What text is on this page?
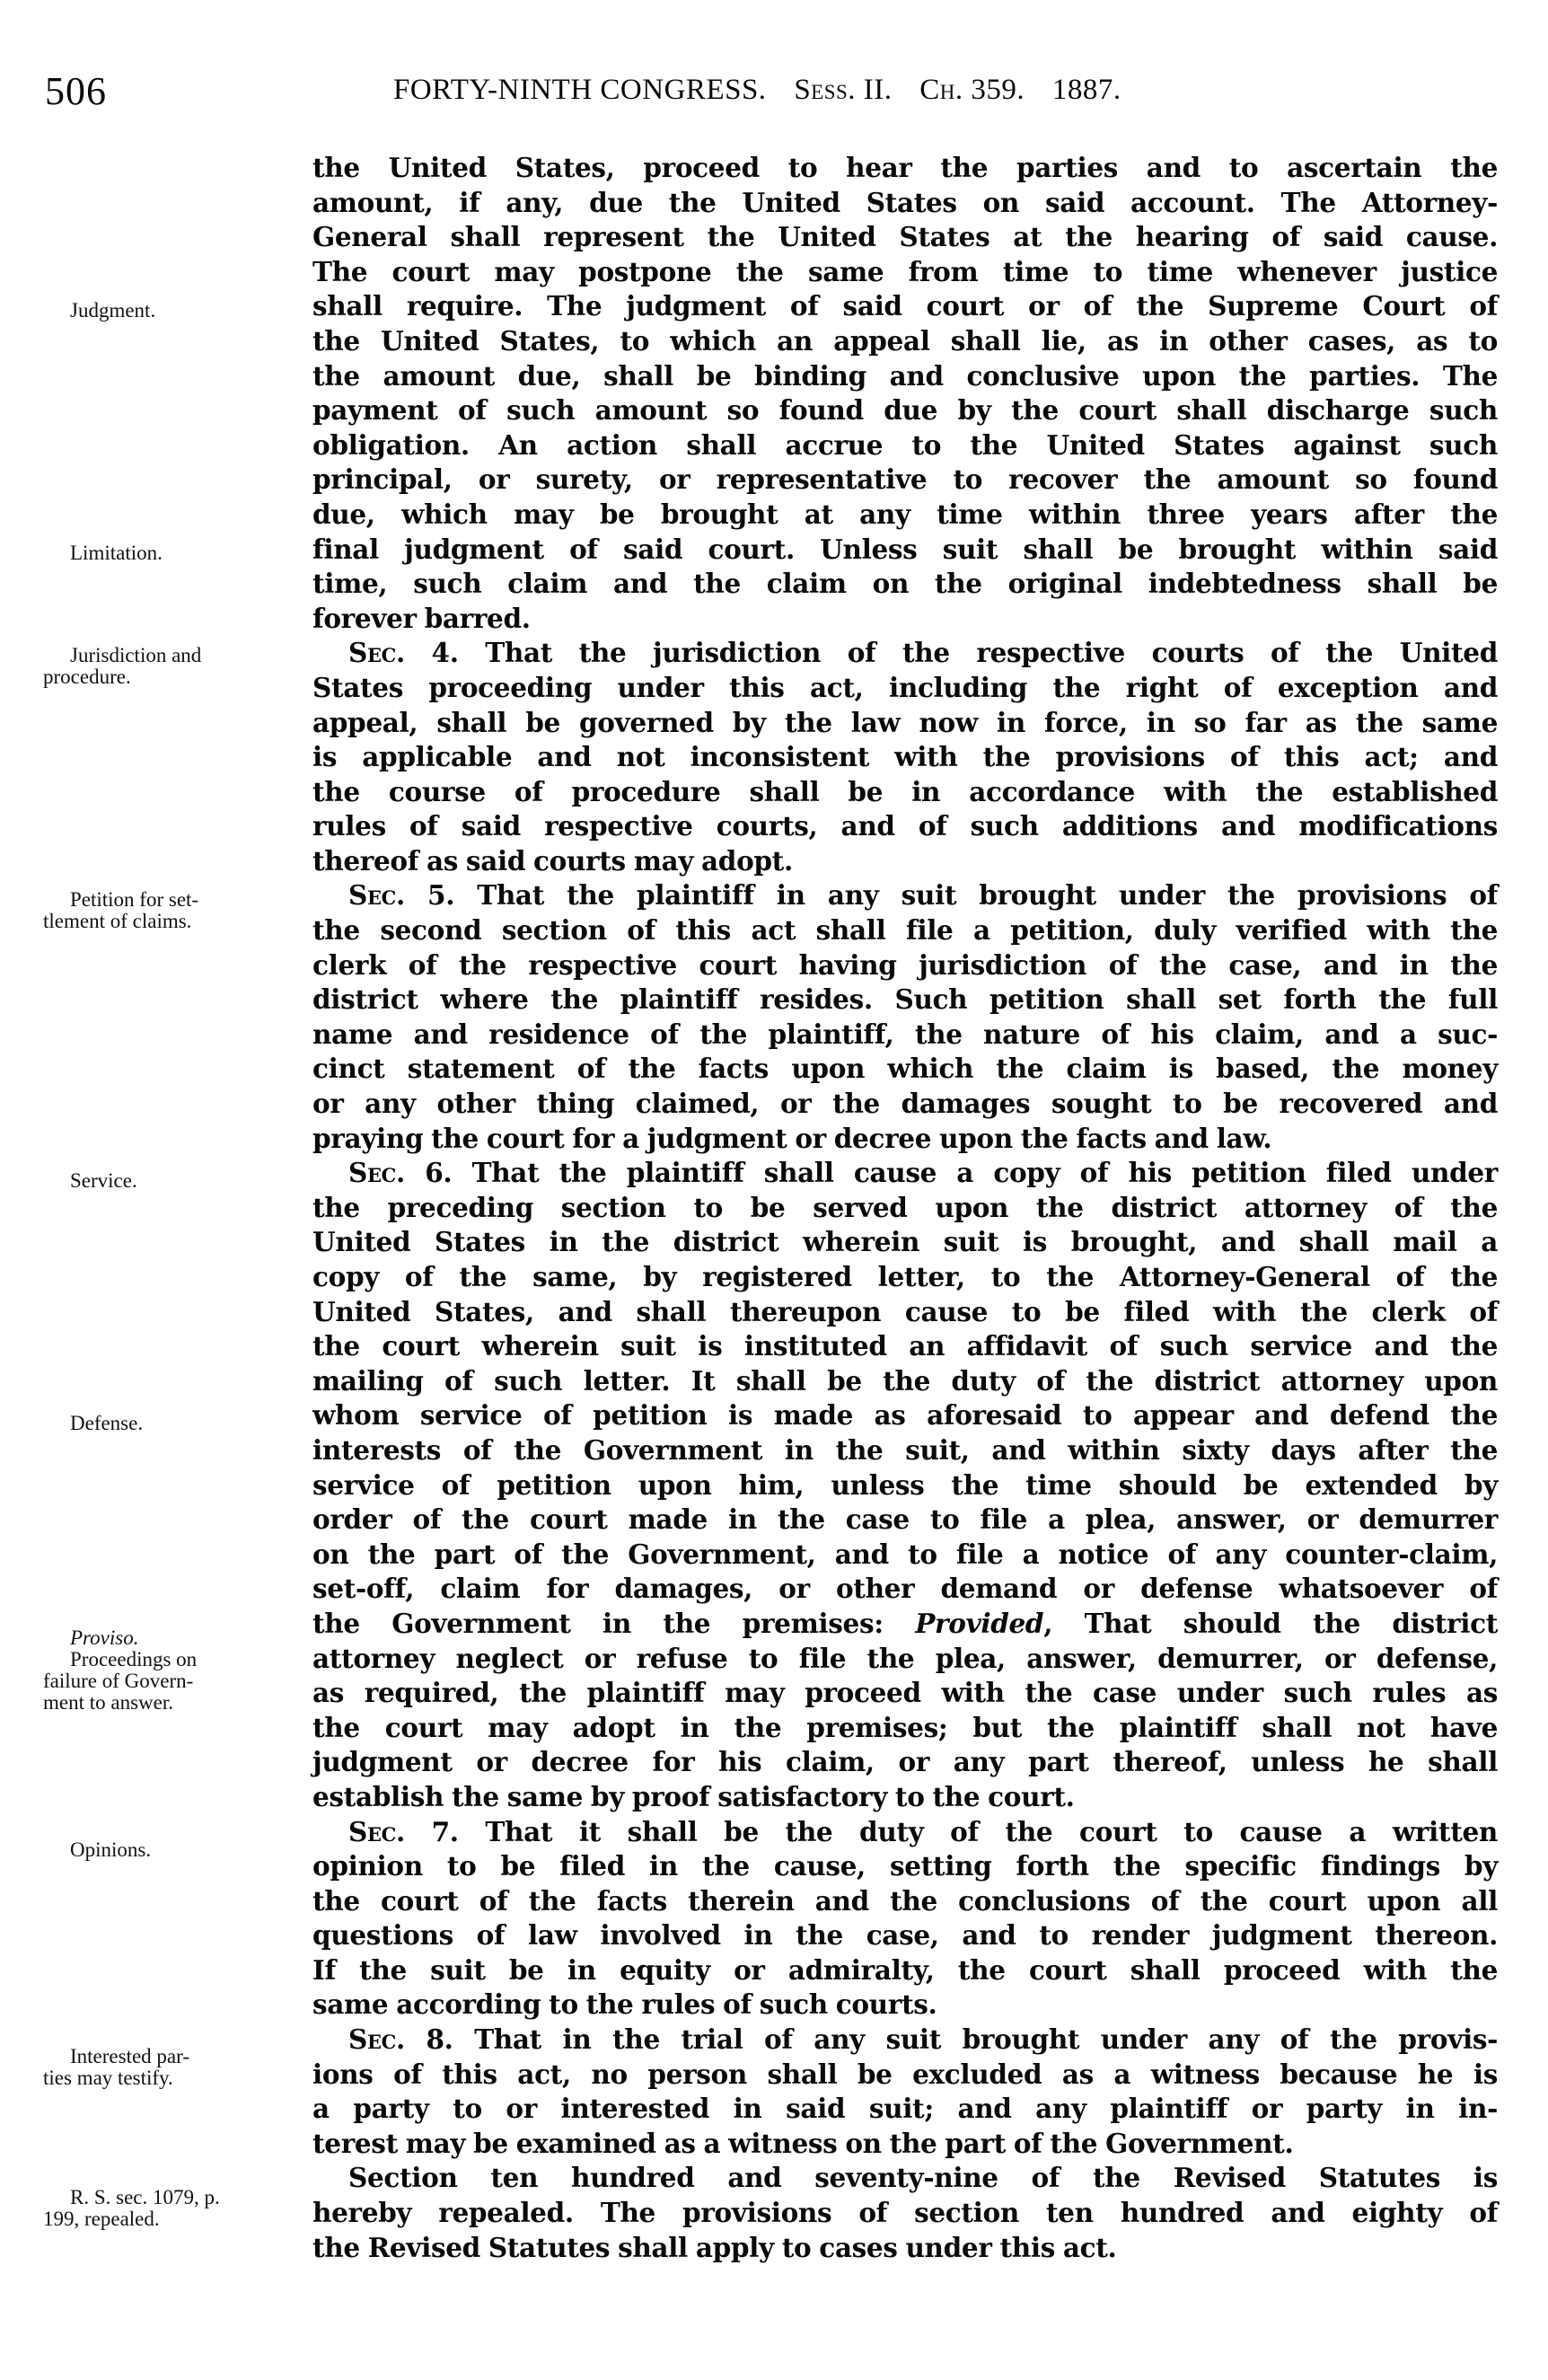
506	FORTY-NINTH CONGRESS. Sess. II. Ch. 359. 1887.
Judgment.
Limitation.
Jurisdiction and
procedure.
Petition for set-
tlement of claims.
Service.
Defense.
Proviso.
Proceedings on
failure of Govern-
ment to answer.
Opinions.
Interested par-
ties may testify.
R. S. sec. 1079, p.
199, repealed.
the United States, proceed to hear the parties and to ascertain the
amount, if any, due the United States on said account. The Attorney-
General shall represent the United States at the hearing of said cause.
The court may postpone the same from time to time whenever justice
shall require. The judgment of said court or of the Supreme Court of
the United States, to which an appeal shall lie, as in other cases, as to
the amount due, shall be binding and conclusive upon the parties. The
payment of such amount so found due by the court shall discharge such
obligation. An action shall accrue to the United States against such
principal, or surety, or representative to recover the amount so found
due, which may be brought at any time within three years after the
final judgment of said court. Unless suit shall be brought within said
time, such claim and the claim on the original indebtedness shall be
forever barred.
Sec. 4. That the jurisdiction of the respective courts of the United
States proceeding under this act, including the right of exception and
appeal, shall be governed by the law now in force, in so far as the same
is applicable and not inconsistent with the provisions of this act; and
the course of procedure shall be in accordance with the established
rules of said respective courts, and of such additions and modifications
thereof as said courts may adopt.
Sec. 5. That the plaintiff in any suit brought under the provisions of
the second section of this act shall file a petition, duly verified with the
clerk of the respective court having jurisdiction of the case, and in the
district where the plaintiff resides. Such petition shall set forth the full
name and residence of the plaintiff, the nature of his claim, and a suc-
cinct statement of the facts upon which the claim is based, the money
or any other thing claimed, or the damages sought to be recovered and
praying the court for a judgment or decree upon the facts and law.
Sec. 6. That the plaintiff shall cause a copy of his petition filed under
the preceding section to be served upon the district attorney of the
United States in the district wherein suit is brought, and shall mail a
copy of the same, by registered letter, to the Attorney-General of the
United States, and shall thereupon cause to be filed with the clerk of
the court wherein suit is instituted an affidavit of such service and the
mailing of such letter. It shall be the duty of the district attorney upon
whom service of petition is made as aforesaid to appear and defend the
interests of the Government in the suit, and within sixty days after the
service of petition upon him, unless the time should be extended by
order of the court made in the case to file a plea, answer, or demurrer
on the part of the Government, and to file a notice of any counter-claim,
set-off, claim for damages, or other demand or defense whatsoever of
the Government in the premises: Provided, That should the district
attorney neglect or refuse to file the plea, answer, demurrer, or defense,
as required, the plaintiff may proceed with the case under such rules as
the court may adopt in the premises; but the plaintiff shall not have
judgment or decree for his claim, or any part thereof, unless he shall
establish the same by proof satisfactory to the court.
Sec. 7. That it shall be the duty of the court to cause a written
opinion to be filed in the cause, setting forth the specific findings by
the court of the facts therein and the conclusions of the court upon all
questions of law involved in the case, and to render judgment thereon.
If the suit be in equity or admiralty, the court shall proceed with the
same according to the rules of such courts.
Sec. 8. That in the trial of any suit brought under any of the provis-
ions of this act, no person shall be excluded as a witness because he is
a party to or interested in said suit; and any plaintiff or party in in-
terest may be examined as a witness on the part of the Government.
Section ten hundred and seventy-nine of the Revised Statutes is
hereby repealed. The provisions of section ten hundred and eighty of
the Revised Statutes shall apply to cases under this act.
